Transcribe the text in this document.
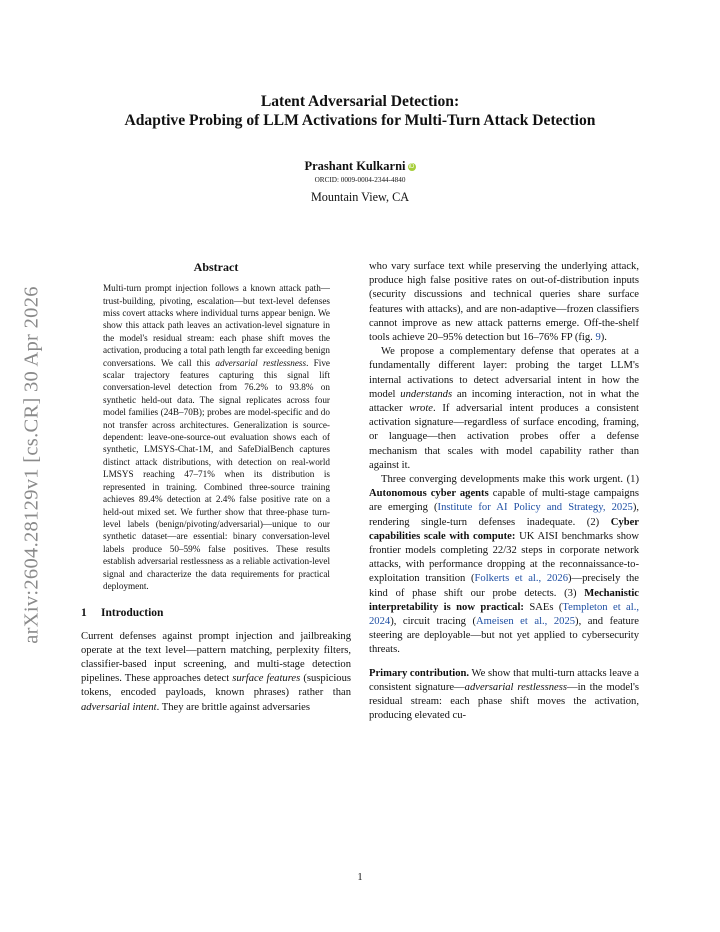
arXiv:2604.28129v1 [cs.CR] 30 Apr 2026
Latent Adversarial Detection:
Adaptive Probing of LLM Activations for Multi-Turn Attack Detection
Prashant Kulkarni iD
ORCID: 0009-0004-2344-4840
Mountain View, CA
Abstract
Multi-turn prompt injection follows a known attack path—trust-building, pivoting, escalation—but text-level defenses miss covert attacks where individual turns appear benign. We show this attack path leaves an activation-level signature in the model's residual stream: each phase shift moves the activation, producing a total path length far exceeding benign conversations. We call this adversarial restlessness. Five scalar trajectory features capturing this signal lift conversation-level detection from 76.2% to 93.8% on synthetic held-out data. The signal replicates across four model families (24B–70B); probes are model-specific and do not transfer across architectures. Generalization is source-dependent: leave-one-source-out evaluation shows each of synthetic, LMSYS-Chat-1M, and SafeDialBench captures distinct attack distributions, with detection on real-world LMSYS reaching 47–71% when its distribution is represented in training. Combined three-source training achieves 89.4% detection at 2.4% false positive rate on a held-out mixed set. We further show that three-phase turn-level labels (benign/pivoting/adversarial)—unique to our synthetic dataset—are essential: binary conversation-level labels produce 50–59% false positives. These results establish adversarial restlessness as a reliable activation-level signal and characterize the data requirements for practical deployment.
1 Introduction

Current defenses against prompt injection and jailbreaking operate at the text level—pattern matching, perplexity filters, classifier-based input screening, and multi-stage detection pipelines. These approaches detect surface features (suspicious tokens, encoded payloads, known phrases) rather than adversarial intent. They are brittle against adversaries

who vary surface text while preserving the underlying attack, produce high false positive rates on out-of-distribution inputs (security discussions and technical queries share surface features with attacks), and are non-adaptive—frozen classifiers cannot improve as new attack patterns emerge. Off-the-shelf tools achieve 20–95% detection but 16–76% FP (fig. 9).

We propose a complementary defense that operates at a fundamentally different layer: probing the target LLM's internal activations to detect adversarial intent in how the model understands an incoming interaction, not in what the attacker wrote. If adversarial intent produces a consistent activation signature—regardless of surface encoding, framing, or language—then activation probes offer a defense mechanism that scales with model capability rather than against it.

Three converging developments make this work urgent. (1) Autonomous cyber agents capable of multi-stage campaigns are emerging (Institute for AI Policy and Strategy, 2025), rendering single-turn defenses inadequate. (2) Cyber capabilities scale with compute: UK AISI benchmarks show frontier models completing 22/32 steps in corporate network attacks, with performance dropping at the reconnaissance-to-exploitation transition (Folkerts et al., 2026)—precisely the kind of phase shift our probe detects. (3) Mechanistic interpretability is now practical: SAEs (Templeton et al., 2024), circuit tracing (Ameisen et al., 2025), and feature steering are deployable—but not yet applied to cybersecurity threats.

Primary contribution. We show that multi-turn attacks leave a consistent signature—adversarial restlessness—in the model's residual stream: each phase shift moves the activation, producing elevated cu-

1
